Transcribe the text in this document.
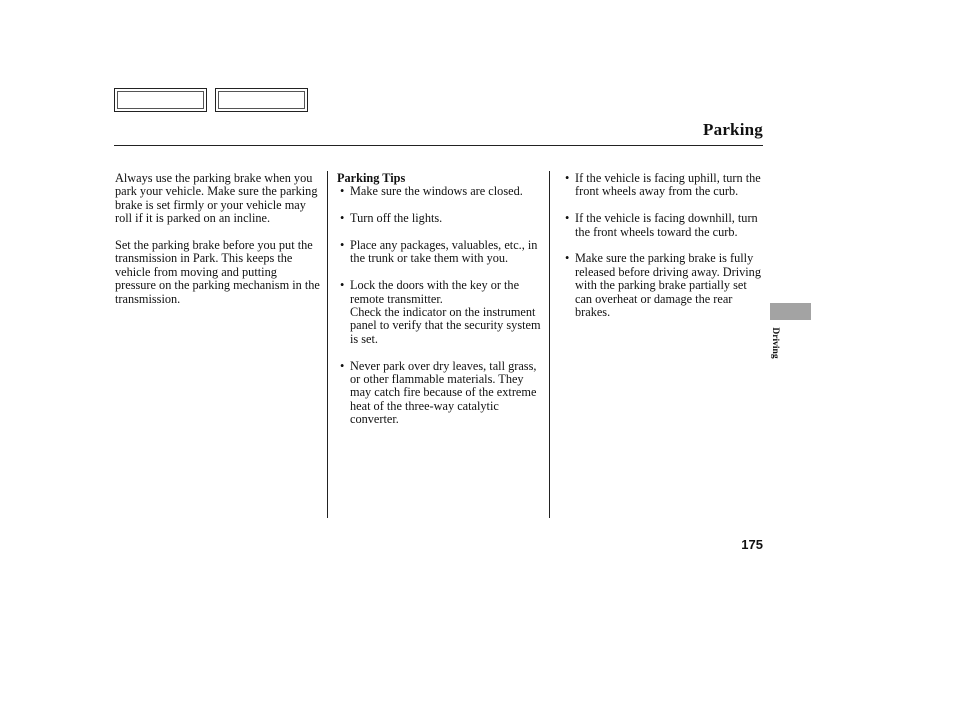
Parking

Always use the parking brake when you park your vehicle. Make sure the parking brake is set firmly or your vehicle may roll if it is parked on an incline.

Set the parking brake before you put the transmission in Park. This keeps the vehicle from moving and putting pressure on the parking mechanism in the transmission.

Parking Tips
• Make sure the windows are closed.
• Turn off the lights.
• Place any packages, valuables, etc., in the trunk or take them with you.
• Lock the doors with the key or the remote transmitter.
Check the indicator on the instrument panel to verify that the security system is set.
• Never park over dry leaves, tall grass, or other flammable materials. They may catch fire because of the extreme heat of the three-way catalytic converter.
• If the vehicle is facing uphill, turn the front wheels away from the curb.
• If the vehicle is facing downhill, turn the front wheels toward the curb.
• Make sure the parking brake is fully released before driving away. Driving with the parking brake partially set can overheat or damage the rear brakes.
Driving
175
